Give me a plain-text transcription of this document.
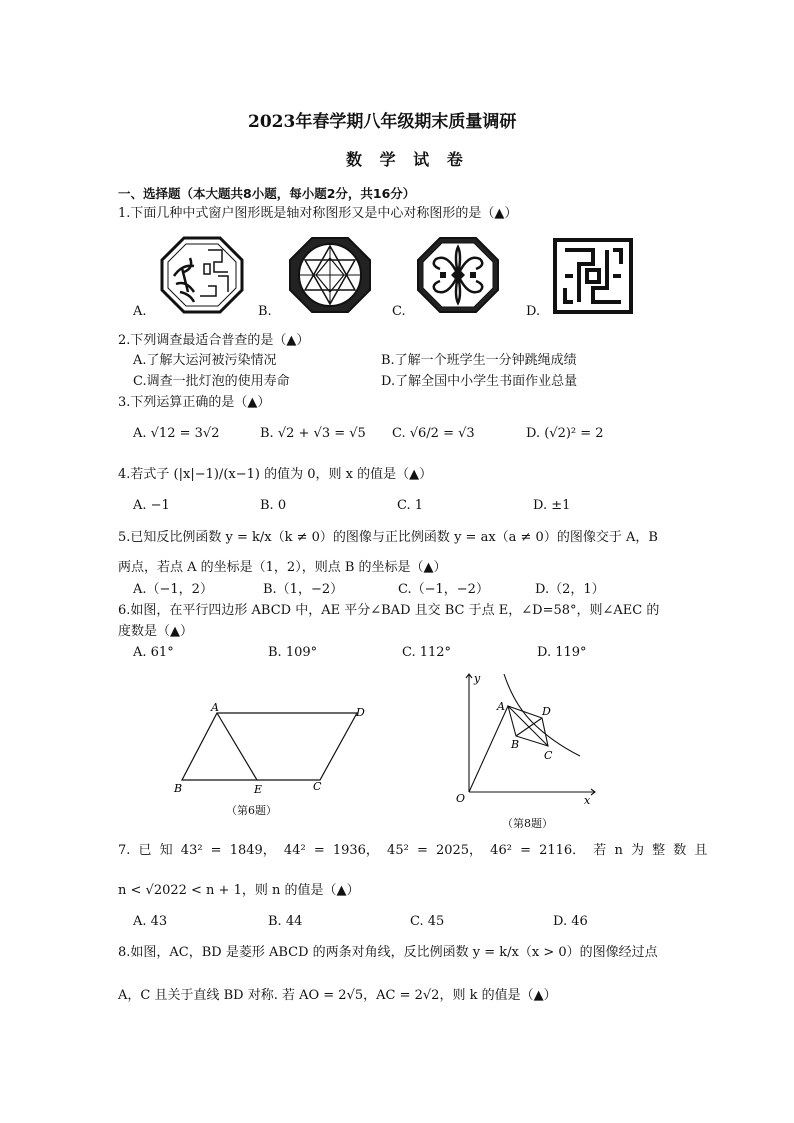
2023年春学期八年级期末质量调研
数 学 试 卷
一、选择题（本大题共8小题，每小题2分，共16分）
1.下面几种中式窗户图形既是轴对称图形又是中心对称图形的是（▲）
A.	B.	C.	D.
2.下列调查最适合普查的是（▲）
A.了解大运河被污染情况	B.了解一个班学生一分钟跳绳成绩
C.调查一批灯泡的使用寿命	D.了解全国中小学生书面作业总量
3.下列运算正确的是（▲）
A. √12 = 3√2	B. √2 + √3 = √5 C. √6/2 = √3	D. (√2)² = 2
4.若式子 (|x|−1)/(x−1) 的值为 0，则 x 的值是（▲）
A. −1	B. 0	C. 1	D. ±1
5.已知反比例函数 y = k/x（k ≠ 0）的图像与正比例函数 y = ax（a ≠ 0）的图像交于 A，B
两点，若点 A 的坐标是（1，2），则点 B 的坐标是（▲）
A.（−1，2）	B.（1，−2）	C.（−1，−2）	D.（2，1）
6.如图，在平行四边形 ABCD 中，AE 平分∠BAD 且交 BC 于点 E，∠D=58°，则∠AEC 的
度数是（▲）
A. 61°	B. 109°	C. 112°	D. 119°
A	D
B	E	C
（第6题）
y
x
O
A	D
B
C
（第8题）
7. 已 知 43² = 1849， 44² = 1936， 45² = 2025， 46² = 2116． 若 n 为 整 数 且
n < √2022 < n + 1，则 n 的值是（▲）
A. 43	B. 44	C. 45	D. 46
8.如图，AC，BD 是菱形 ABCD 的两条对角线，反比例函数 y = k/x（x > 0）的图像经过点
A，C 且关于直线 BD 对称. 若 AO = 2√5，AC = 2√2，则 k 的值是（▲）
